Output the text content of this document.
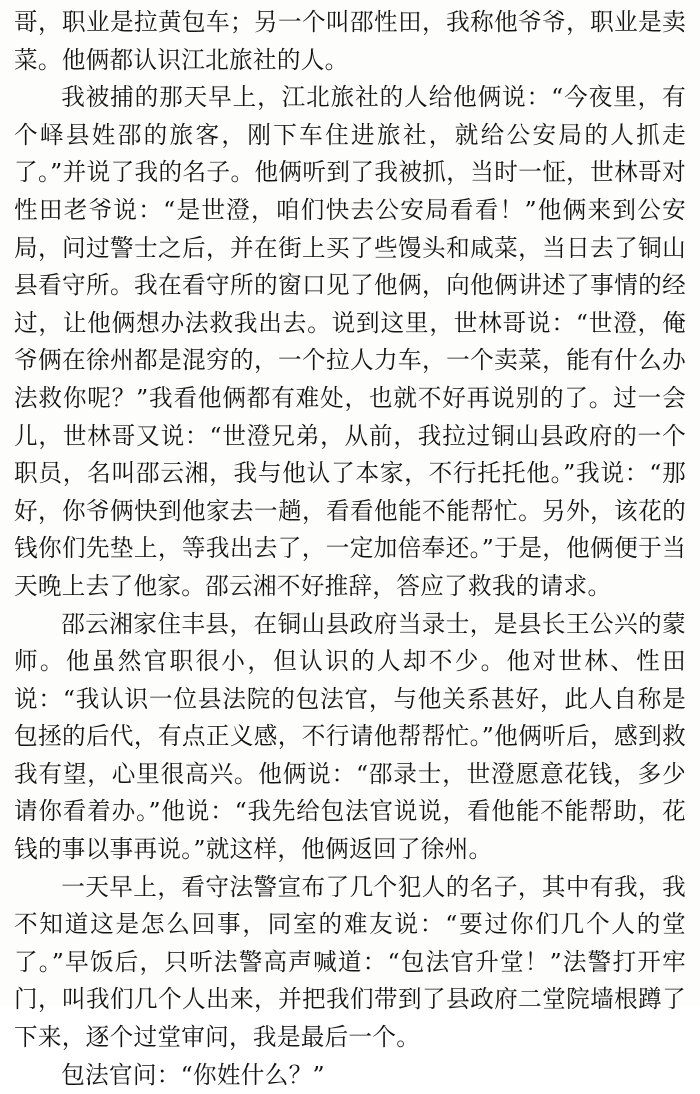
哥，职业是拉黄包车；另一个叫邵性田，我称他爷爷，职业是卖菜。他俩都认识江北旅社的人。

我被捕的那天早上，江北旅社的人给他俩说：“今夜里，有个峄县姓邵的旅客，刚下车住进旅社，就给公安局的人抓走了。”并说了我的名子。他俩听到了我被抓，当时一怔，世林哥对性田老爷说：“是世澄，咱们快去公安局看看！”他俩来到公安局，问过警士之后，并在街上买了些馒头和咸菜，当日去了铜山县看守所。我在看守所的窗口见了他俩，向他俩讲述了事情的经过，让他俩想办法救我出去。说到这里，世林哥说：“世澄，俺爷俩在徐州都是混穷的，一个拉人力车，一个卖菜，能有什么办法救你呢？”我看他俩都有难处，也就不好再说别的了。过一会儿，世林哥又说：“世澄兄弟，从前，我拉过铜山县政府的一个职员，名叫邵云湘，我与他认了本家，不行托托他。”我说：“那好，你爷俩快到他家去一趟，看看他能不能帮忙。另外，该花的钱你们先垫上，等我出去了，一定加倍奉还。”于是，他俩便于当天晚上去了他家。邵云湘不好推辞，答应了救我的请求。

邵云湘家住丰县，在铜山县政府当录士，是县长王公兴的蒙师。他虽然官职很小，但认识的人却不少。他对世林、性田说：“我认识一位县法院的包法官，与他关系甚好，此人自称是包拯的后代，有点正义感，不行请他帮帮忙。”他俩听后，感到救我有望，心里很高兴。他俩说：“邵录士，世澄愿意花钱，多少请你看着办。”他说：“我先给包法官说说，看他能不能帮助，花钱的事以事再说。”就这样，他俩返回了徐州。

一天早上，看守法警宣布了几个犯人的名子，其中有我，我不知道这是怎么回事，同室的难友说：“要过你们几个人的堂了。”早饭后，只听法警高声喊道：“包法官升堂！”法警打开牢门，叫我们几个人出来，并把我们带到了县政府二堂院墙根蹲了下来，逐个过堂审问，我是最后一个。

包法官问：“你姓什么？”
